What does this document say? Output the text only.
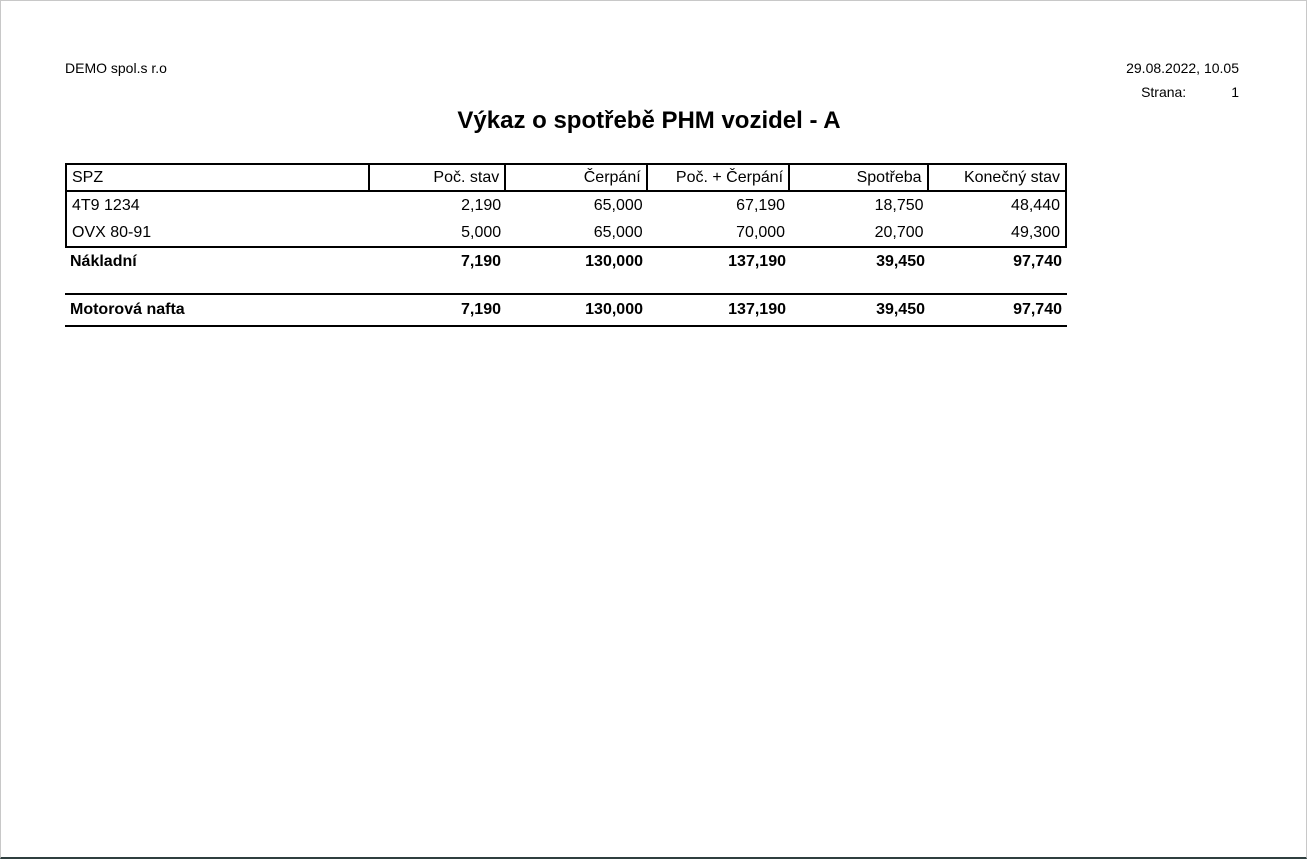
DEMO spol.s r.o	29.08.2022, 10.05
Strana:	1
Výkaz o spotřebě PHM vozidel - A
SPZ	Poč. stav	Čerpání	Poč. + Čerpání	Spotřeba	Konečný stav
4T9 1234	2,190	65,000	67,190	18,750	48,440
OVX 80-91	5,000	65,000	70,000	20,700	49,300
Nákladní	7,190	130,000	137,190	39,450	97,740
Motorová nafta	7,190	130,000	137,190	39,450	97,740
